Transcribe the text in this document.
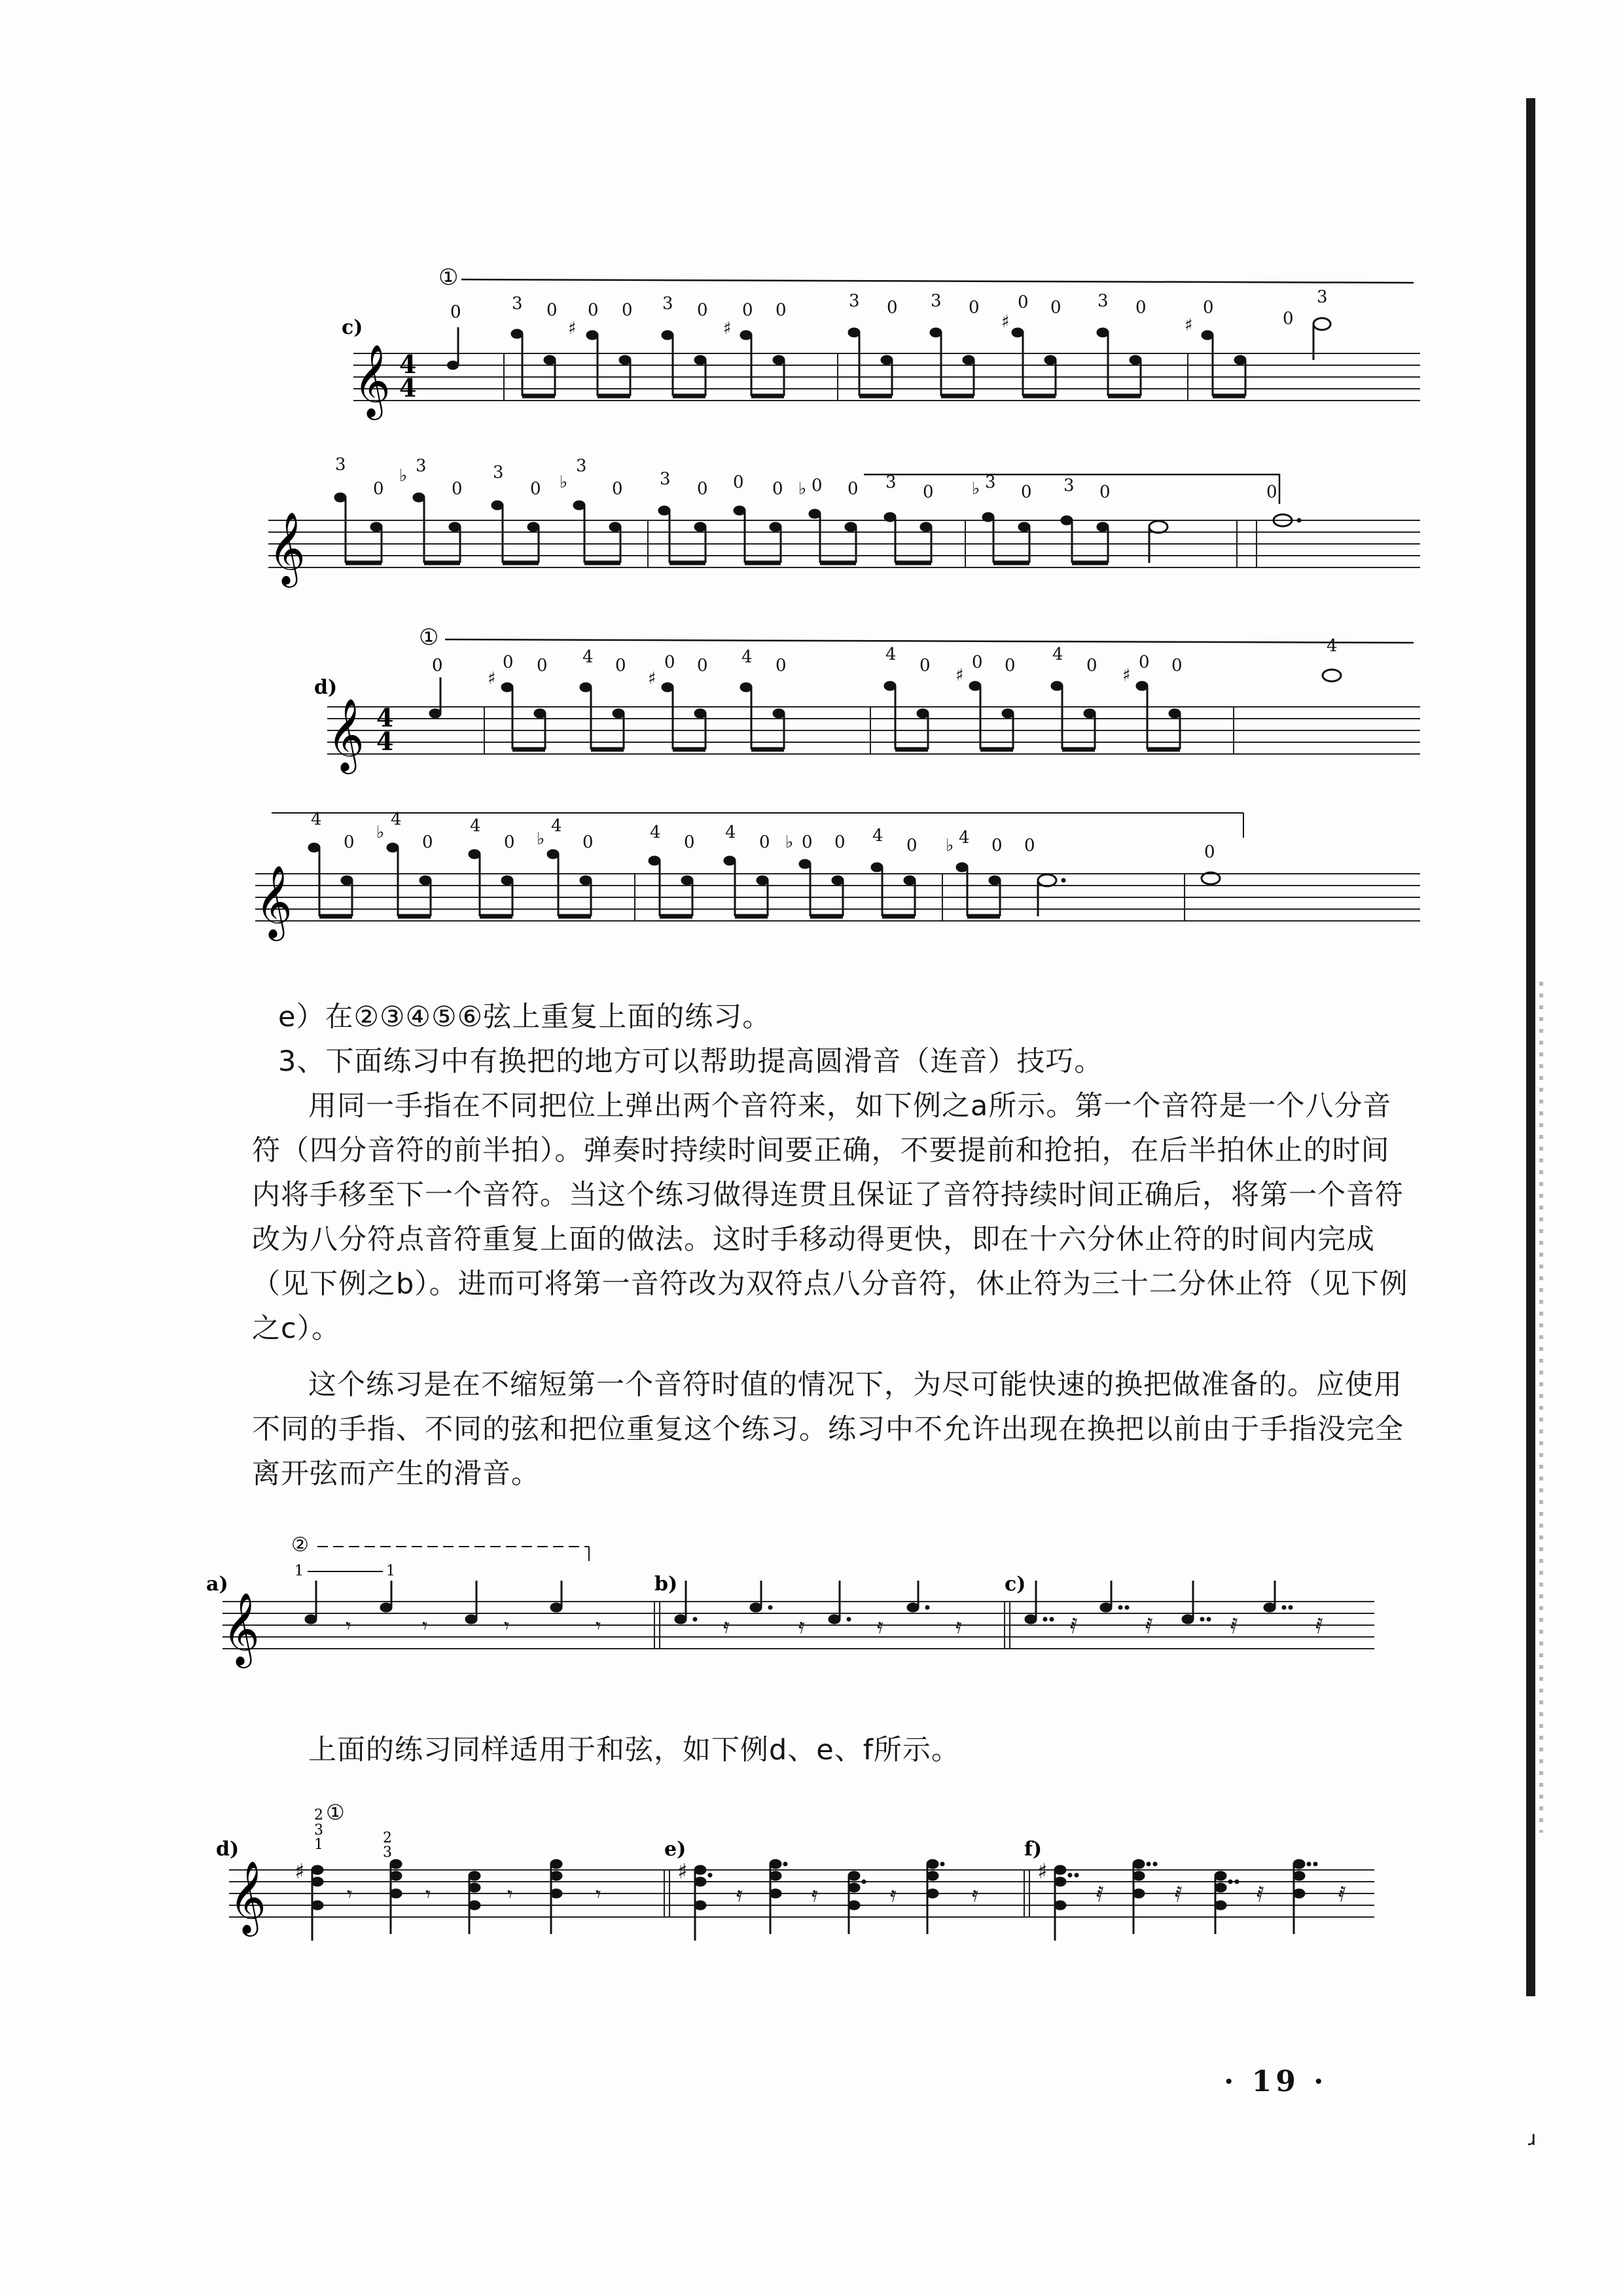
①
c)
𝄞 4
4
0	3 0
♯
0 0 3 0
♯
0 0	3 0 3 0
♯
0 0 3 0
♯
0
0
3
𝄞
3
0
♭ 3
0
3
0 ♭
3
0 3 0 0 0 ♭ 0 0 3 0 ♭ 3 0 3 0	0
①
d)
𝄞 4
4
0
♯
0 0 4 0
♯
0 0 4 0
4
0 ♯
0 0
4
0 ♯
0 0
4
𝄞
4
0 ♭
4
0
4
0 ♭
4
0	4 0 4 0 ♭ 0 0 4 0 ♭ 4 0 0	0

e）在②③④⑤⑥弦上重复上面的练习。

3、下面练习中有换把的地方可以帮助提高圆滑音（连音）技巧。

用同一手指在不同把位上弹出两个音符来，如下例之a所示。第一个音符是一个八分音符（四分音符的前半拍）。弹奏时持续时间要正确，不要提前和抢拍，在后半拍休止的时间内将手移至下一个音符。当这个练习做得连贯且保证了音符持续时间正确后，将第一个音符改为八分符点音符重复上面的做法。这时手移动得更快，即在十六分休止符的时间内完成（见下例之b）。进而可将第一音符改为双符点八分音符，休止符为三十二分休止符（见下例之c）。

这个练习是在不缩短第一个音符时值的情况下，为尽可能快速的换把做准备的。应使用不同的手指、不同的弦和把位重复这个练习。练习中不允许出现在换把以前由于手指没完全离开弦而产生的滑音。

②
1	1
a)	b)	c)
𝄞	𝄾	𝄾	𝄾	𝄾	𝄿	𝄿	𝄿	𝄿	𝅀	𝅀	𝅀	𝅀

上面的练习同样适用于和弦，如下例d、e、f所示。

2 ①
3
1	2
3
d)	e)	f)
𝄞 ♯	♯	♯
𝄾	𝄾	𝄾	𝄾	𝄿	𝄿	𝄿	𝄿	𝅀	𝅀	𝅀	𝅀
· 19 ·
ɹ
